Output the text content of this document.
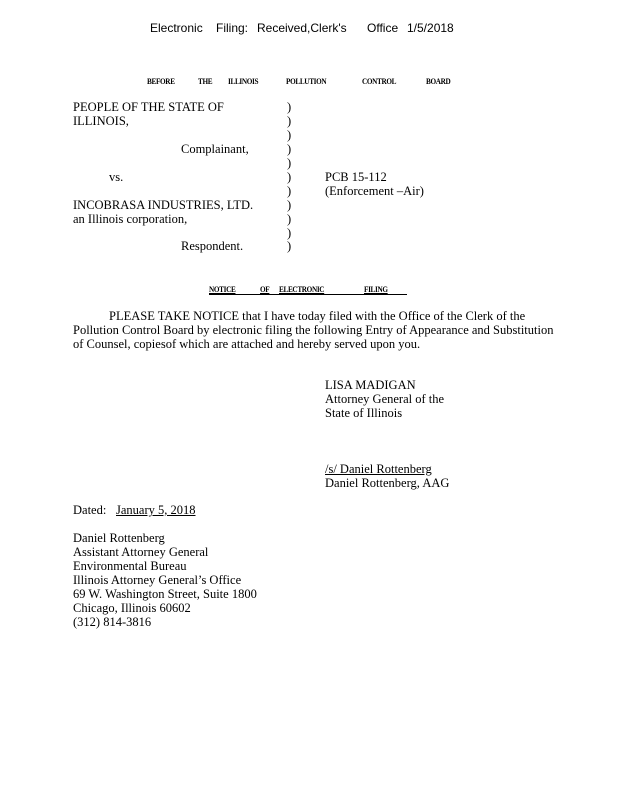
Electronic Filing: Received,Clerk's Office 1/5/2018
BEFORE	THE ILLINOIS	POLLUTION	CONTROL	BOARD
PEOPLE OF THE STATE OF
ILLINOIS,
Complainant,
vs.
INCOBRASA INDUSTRIES, LTD.
an Illinois corporation,
Respondent.
)
)
)
)
)
)
)
)
)
)
)
PCB 15-112
(Enforcement –Air)
NOTICE	OF ELECTRONIC	FILING
PLEASE TAKE NOTICE that I have today filed with the Office of the Clerk of the
Pollution Control Board by electronic filing the following Entry of Appearance and Substitution
of Counsel, copiesof which are attached and hereby served upon you.
LISA MADIGAN
Attorney General of the
State of Illinois
/s/ Daniel Rottenberg
Daniel Rottenberg, AAG
Dated: January 5, 2018
Daniel Rottenberg
Assistant Attorney General
Environmental Bureau
Illinois Attorney General’s Office
69 W. Washington Street, Suite 1800
Chicago, Illinois 60602
(312) 814-3816
